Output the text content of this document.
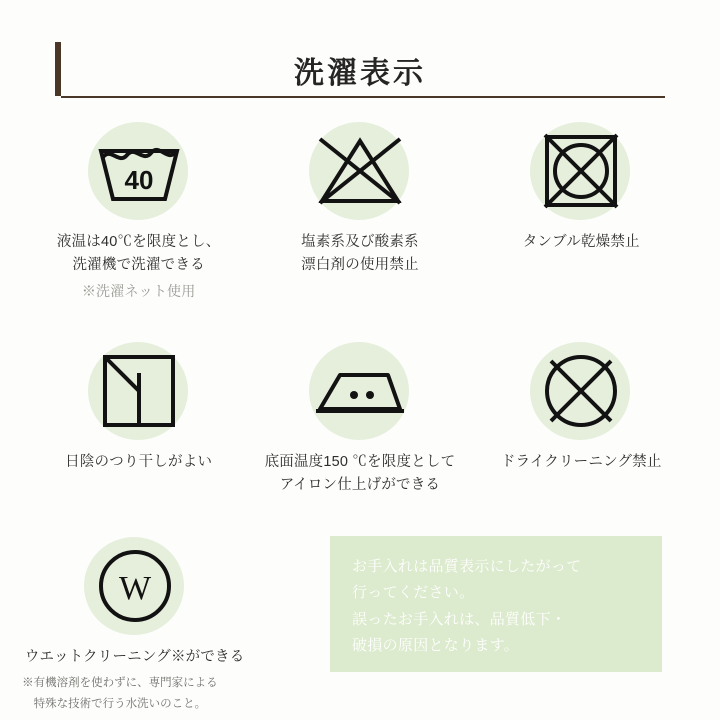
洗濯表示
40
液温は40℃を限度とし、
洗濯機で洗濯できる
※洗濯ネット使用
塩素系及び酸素系
漂白剤の使用禁止
タンブル乾燥禁止
日陰のつり干しがよい	底面温度150 ℃を限度として
アイロン仕上げができる
ドライクリーニング禁止
W
ウエットクリーニング※ができる
※有機溶剤を使わずに、専門家による
　特殊な技術で行う水洗いのこと。
お手入れは品質表示にしたがって
行ってください。
誤ったお手入れは、品質低下・
破損の原因となります。
